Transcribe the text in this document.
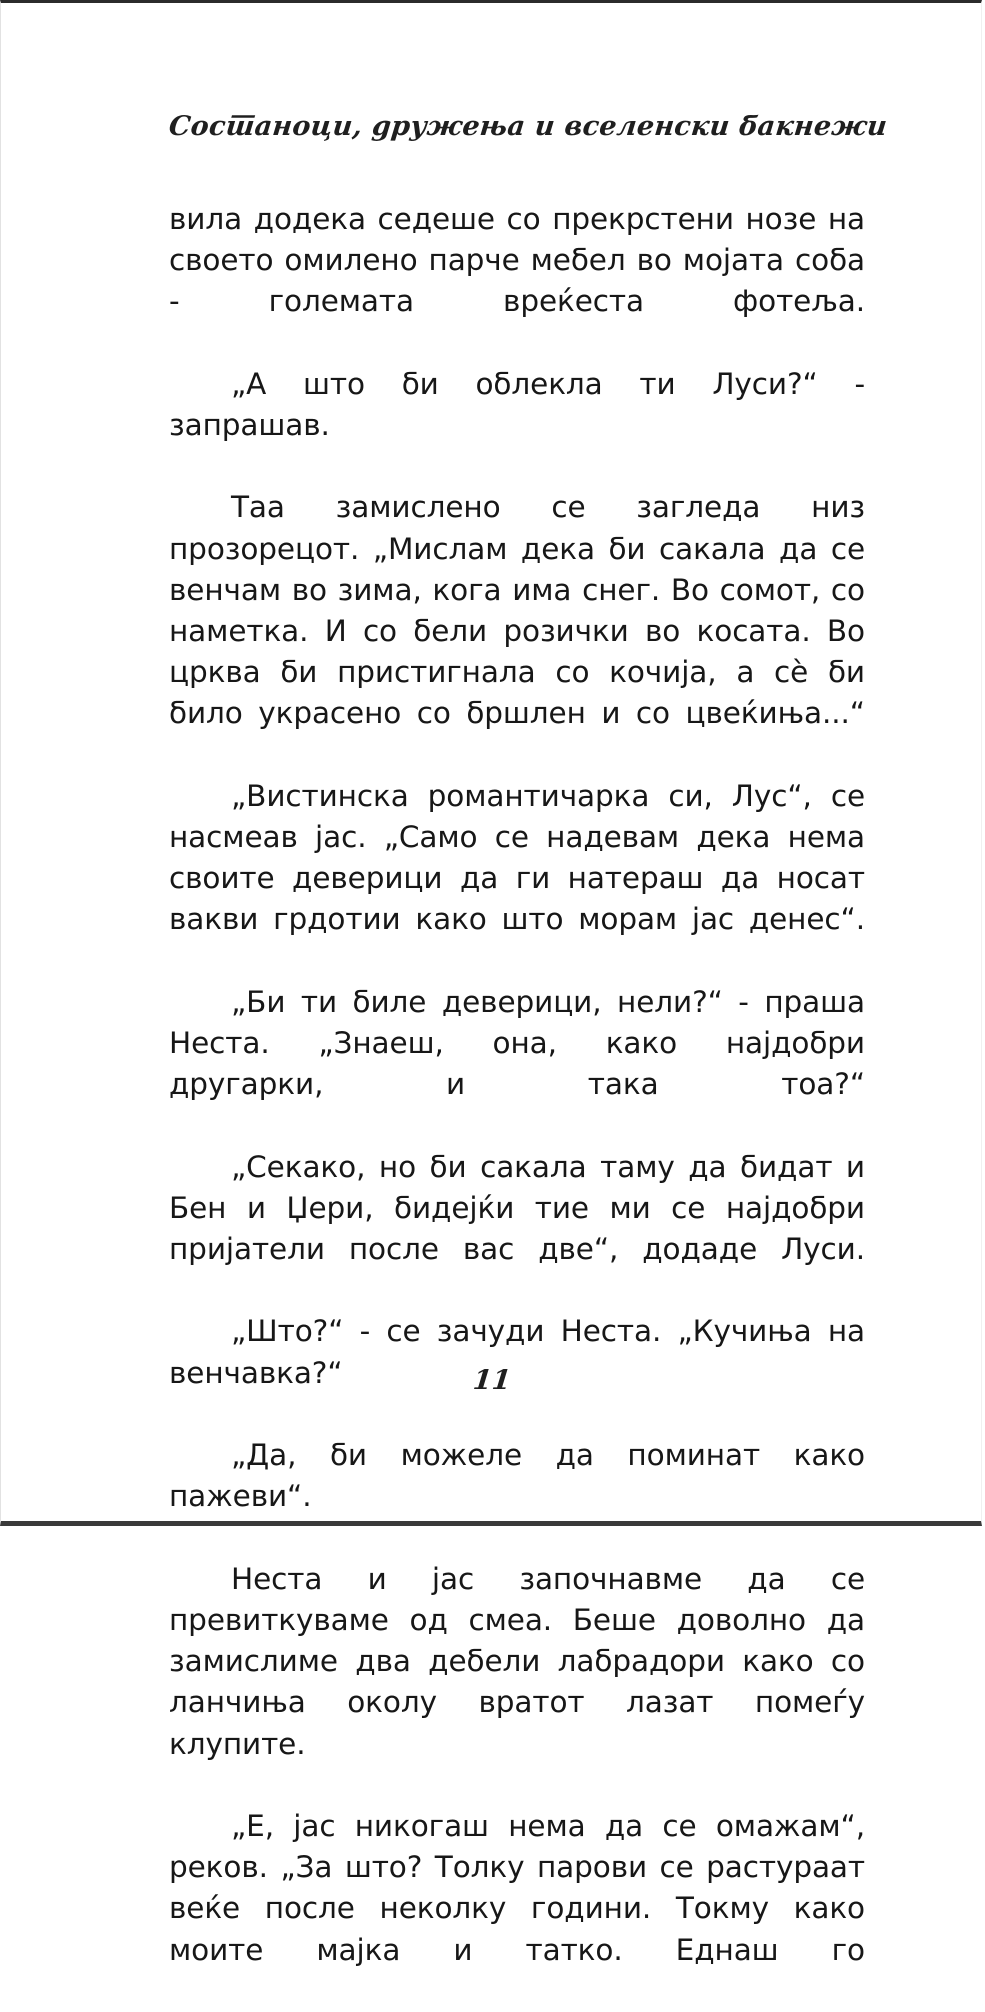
Состаноци, дружења и вселенски бакнежи

вила додека седеше со прекрстени нозе на своето омилено парче мебел во мојата соба - големата вреќеста фотеља.

„А што би облекла ти Луси?“ - запрашав.

Таа замислено се загледа низ прозорецот. „Мислам дека би сакала да се венчам во зима, кога има снег. Во сомот, со наметка. И со бели розички во косата. Во црква би пристигнала со кочија, а сѐ би било украсено со бршлен и со цвеќиња...“

„Вистинска романтичарка си, Лус“, се насмеав јас. „Само се надевам дека нема своите деверици да ги натераш да носат вакви грдотии како што морам јас денес“.

„Би ти биле деверици, нели?“ - праша Неста. „Знаеш, она, како најдобри другарки, и така тоа?“

„Секако, но би сакала таму да бидат и Бен и Џери, бидејќи тие ми се најдобри пријатели после вас две“, додаде Луси.

„Што?“ - се зачуди Неста. „Кучиња на венчавка?“

„Да, би можеле да поминат како пажеви“.

Неста и јас започнавме да се превиткуваме од смеа. Беше доволно да замислиме два дебели лабрадори како со ланчиња околу вратот лазат помеѓу клупите.

„Е, јас никогаш нема да се омажам“, реков. „За што? Толку парови се растураат веќе после неколку години. Токму како моите мајка и татко. Еднаш го

11
